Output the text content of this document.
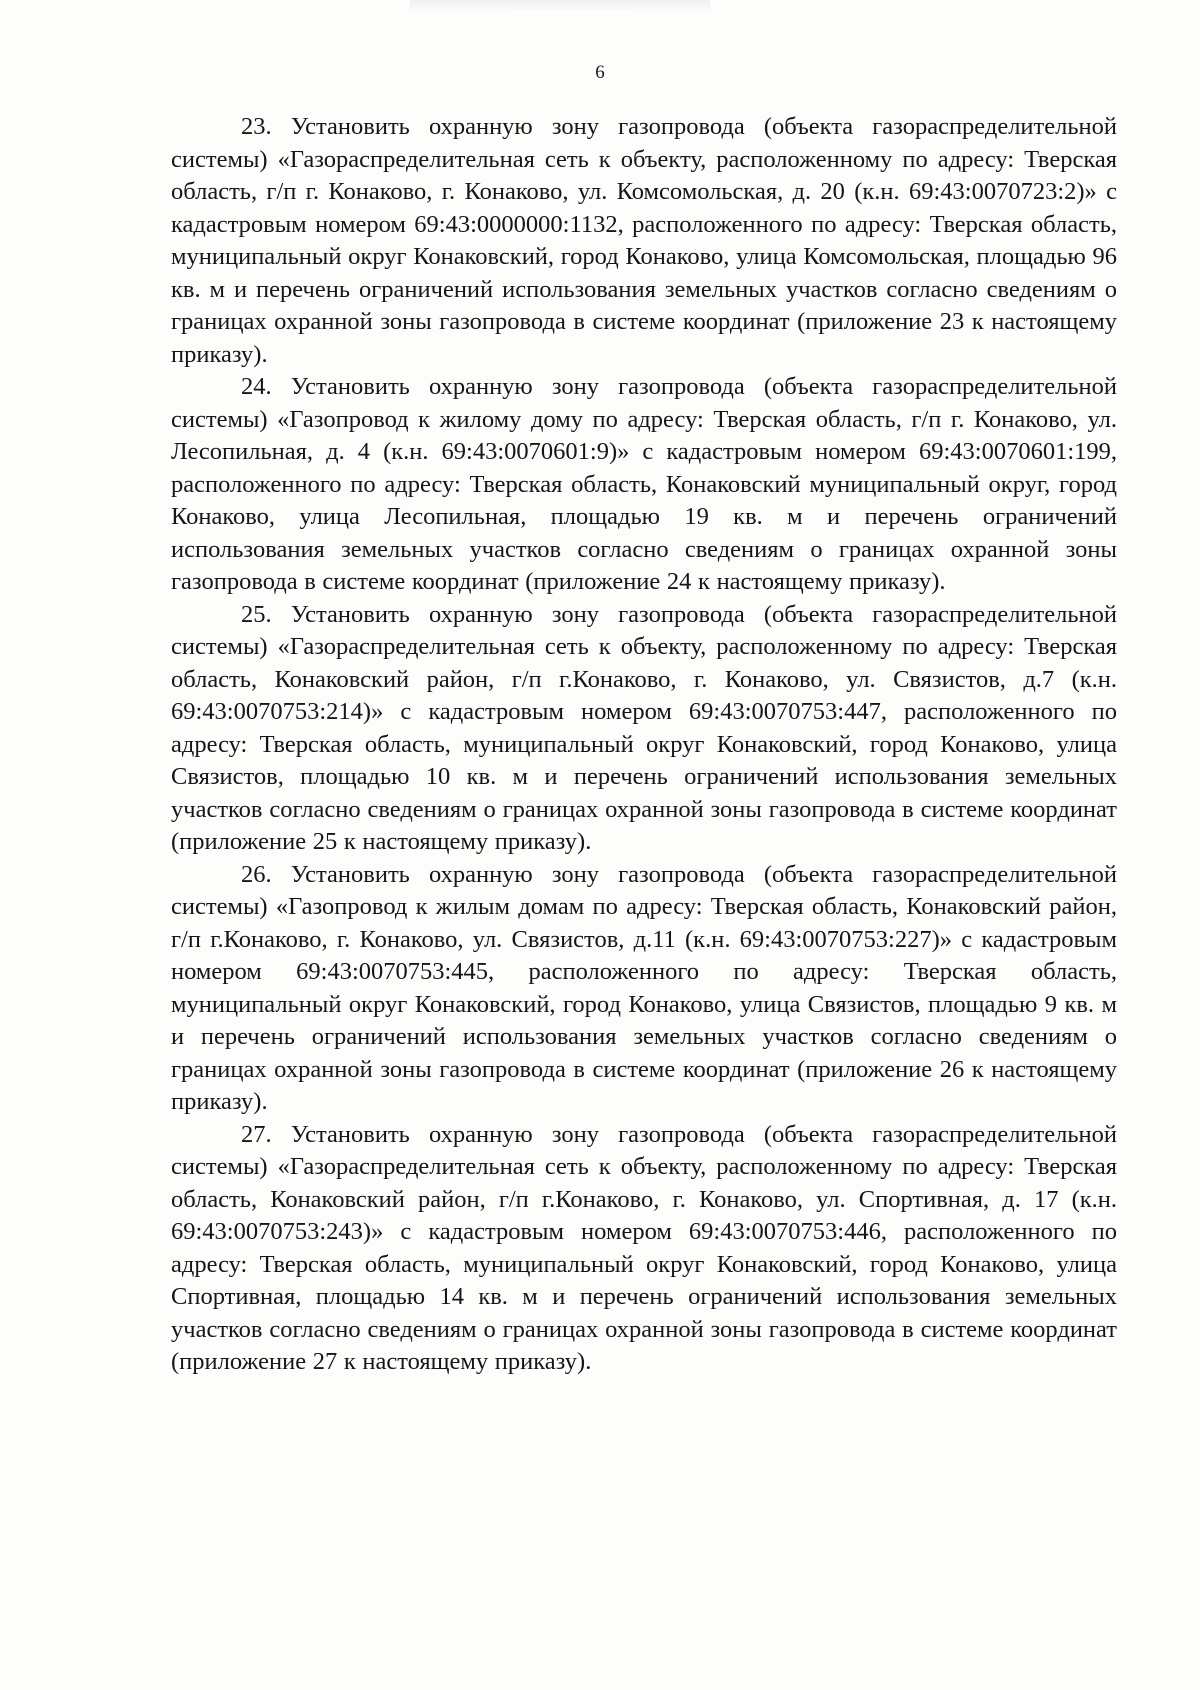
6

23. Установить охранную зону газопровода (объекта газораспределительной системы) «Газораспределительная сеть к объекту, расположенному по адресу: Тверская область, г/п г. Конаково, г. Конаково, ул. Комсомольская, д. 20 (к.н. 69:43:0070723:2)» с кадастровым номером 69:43:0000000:1132, расположенного по адресу: Тверская область, муниципальный округ Конаковский, город Конаково, улица Комсомольская, площадью 96 кв. м и перечень ограничений использования земельных участков согласно сведениям о границах охранной зоны газопровода в системе координат (приложение 23 к настоящему приказу).

24. Установить охранную зону газопровода (объекта газораспределительной системы) «Газопровод к жилому дому по адресу: Тверская область, г/п г. Конаково, ул. Лесопильная, д. 4 (к.н. 69:43:0070601:9)» с кадастровым номером 69:43:0070601:199, расположенного по адресу: Тверская область, Конаковский муниципальный округ, город Конаково, улица Лесопильная, площадью 19 кв. м и перечень ограничений использования земельных участков согласно сведениям о границах охранной зоны газопровода в системе координат (приложение 24 к настоящему приказу).

25. Установить охранную зону газопровода (объекта газораспределительной системы) «Газораспределительная сеть к объекту, расположенному по адресу: Тверская область, Конаковский район, г/п г.Конаково, г. Конаково, ул. Связистов, д.7 (к.н. 69:43:0070753:214)» с кадастровым номером 69:43:0070753:447, расположенного по адресу: Тверская область, муниципальный округ Конаковский, город Конаково, улица Связистов, площадью 10 кв. м и перечень ограничений использования земельных участков согласно сведениям о границах охранной зоны газопровода в системе координат (приложение 25 к настоящему приказу).

26. Установить охранную зону газопровода (объекта газораспределительной системы) «Газопровод к жилым домам по адресу: Тверская область, Конаковский район, г/п г.Конаково, г. Конаково, ул. Связистов, д.11 (к.н. 69:43:0070753:227)» с кадастровым номером 69:43:0070753:445, расположенного по адресу: Тверская область, муниципальный округ Конаковский, город Конаково, улица Связистов, площадью 9 кв. м и перечень ограничений использования земельных участков согласно сведениям о границах охранной зоны газопровода в системе координат (приложение 26 к настоящему приказу).

27. Установить охранную зону газопровода (объекта газораспределительной системы) «Газораспределительная сеть к объекту, расположенному по адресу: Тверская область, Конаковский район, г/п г.Конаково, г. Конаково, ул. Спортивная, д. 17 (к.н. 69:43:0070753:243)» с кадастровым номером 69:43:0070753:446, расположенного по адресу: Тверская область, муниципальный округ Конаковский, город Конаково, улица Спортивная, площадью 14 кв. м и перечень ограничений использования земельных участков согласно сведениям о границах охранной зоны газопровода в системе координат (приложение 27 к настоящему приказу).
